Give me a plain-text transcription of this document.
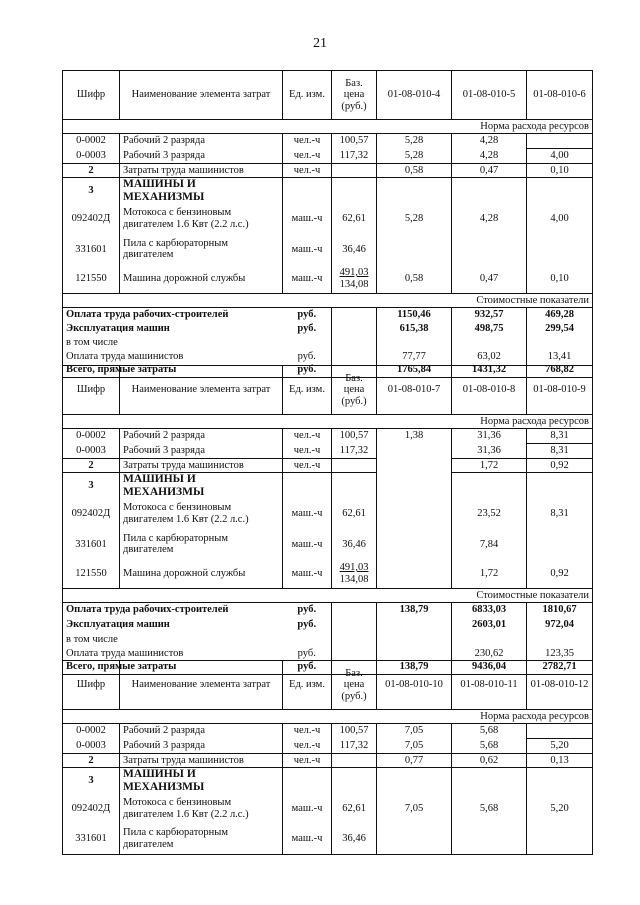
21
Шифр	Наименование элемента затрат	Ед. изм.	Баз. цена (руб.)	01-08-010-4	01-08-010-5	01-08-010-6
Норма расхода ресурсов						
0-0002	Рабочий 2 разряда	чел.-ч	100,57	5,28	4,28	
0-0003	Рабочий 3 разряда	чел.-ч	117,32	5,28	4,28	4,00
2	Затраты труда машинистов	чел.-ч		0,58	0,47	0,10
3	МАШИНЫ И МЕХАНИЗМЫ					
092402Д	Мотокоса с бензиновым двигателем 1.6 Квт (2.2 л.с.)	маш.-ч	62,61	5,28	4,28	4,00
331601	Пила с карбюраторным двигателем	маш.-ч	36,46			
121550	Машина дорожной службы	маш.-ч	$\frac{491,03}{134,08}$	0,58	0,47	0,10
Стоимостные показатели						
Оплата труда рабочих-строителей		руб.		1150,46	932,57	469,28
Эксплуатация машин		руб.		615,38	498,75	299,54
в том числе						
Оплата труда машинистов		руб.		77,77	63,02	13,41
Всего, прямые затраты		руб.		1765,84	1431,32	768,82
Шифр	Наименование элемента затрат	Ед. изм.	Баз. цена (руб.)	01-08-010-7	01-08-010-8	01-08-010-9
Норма расхода ресурсов						
0-0002	Рабочий 2 разряда	чел.-ч	100,57	1,38	31,36	8,31
0-0003	Рабочий 3 разряда	чел.-ч	117,32		31,36	8,31
2	Затраты труда машинистов	чел.-ч			1,72	0,92
3	МАШИНЫ И МЕХАНИЗМЫ					
092402Д	Мотокоса с бензиновым двигателем 1.6 Квт (2.2 л.с.)	маш.-ч	62,61		23,52	8,31
331601	Пила с карбюраторным двигателем	маш.-ч	36,46		7,84	
121550	Машина дорожной службы	маш.-ч	$\frac{491,03}{134,08}$		1,72	0,92
Стоимостные показатели						
Оплата труда рабочих-строителей		руб.		138,79	6833,03	1810,67
Эксплуатация машин		руб.			2603,01	972,04
в том числе						
Оплата труда машинистов		руб.			230,62	123,35
Всего, прямые затраты		руб.		138,79	9436,04	2782,71
Шифр	Наименование элемента затрат	Ед. изм.	Баз. цена (руб.)	01-08-010-10	01-08-010-11	01-08-010-12
Норма расхода ресурсов						
0-0002	Рабочий 2 разряда	чел.-ч	100,57	7,05	5,68	
0-0003	Рабочий 3 разряда	чел.-ч	117,32	7,05	5,68	5,20
2	Затраты труда машинистов	чел.-ч		0,77	0,62	0,13
3	МАШИНЫ И МЕХАНИЗМЫ					
092402Д	Мотокоса с бензиновым двигателем 1.6 Квт (2.2 л.с.)	маш.-ч	62,61	7,05	5,68	5,20
331601	Пила с карбюраторным двигателем	маш.-ч	36,46			
